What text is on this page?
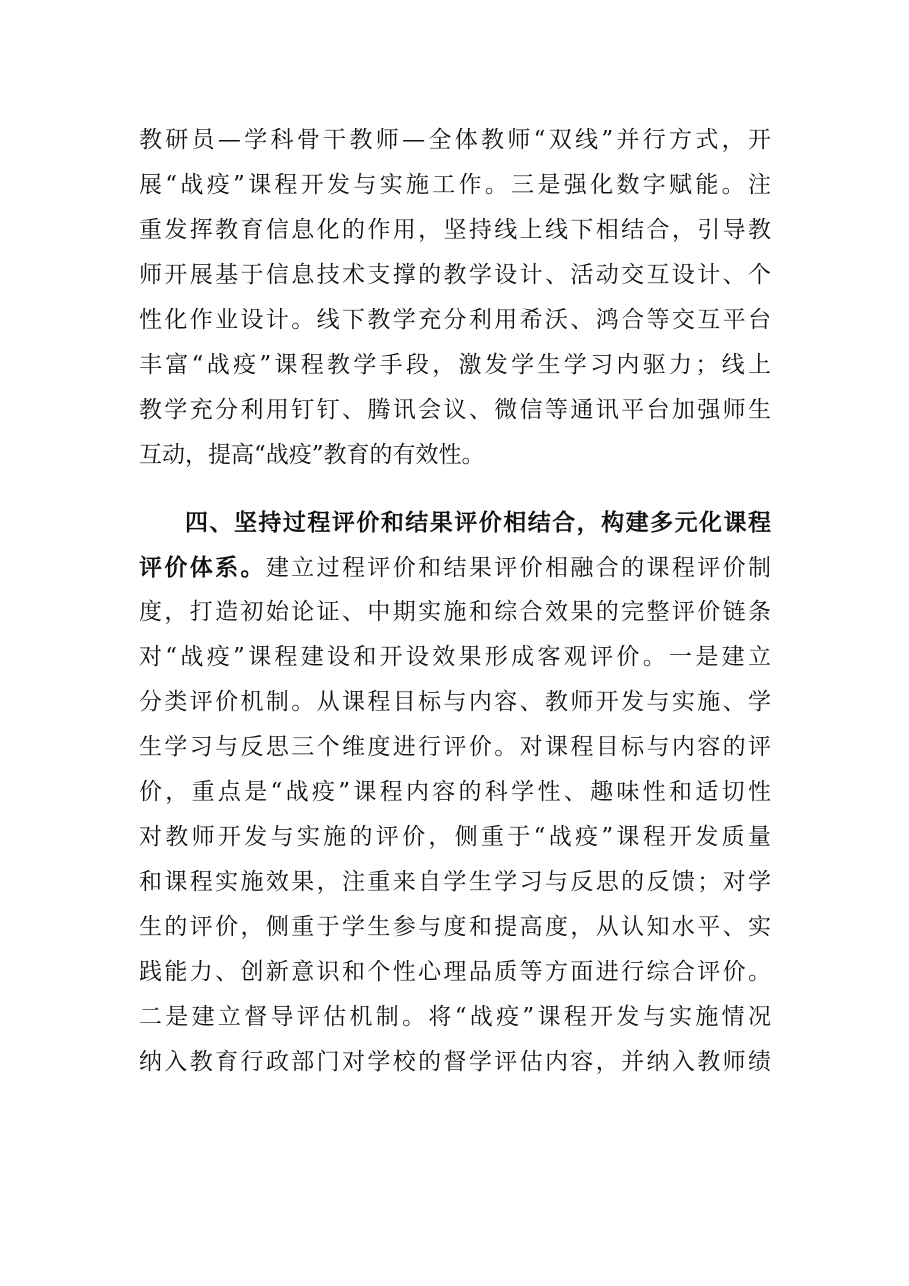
教研员—学科骨干教师—全体教师“双线”并行方式，开
展“战疫”课程开发与实施工作。三是强化数字赋能。注
重发挥教育信息化的作用，坚持线上线下相结合，引导教
师开展基于信息技术支撑的教学设计、活动交互设计、个
性化作业设计。线下教学充分利用希沃、鸿合等交互平台
丰富“战疫”课程教学手段，激发学生学习内驱力；线上
教学充分利用钉钉、腾讯会议、微信等通讯平台加强师生
互动，提高“战疫”教育的有效性。
四、坚持过程评价和结果评价相结合，构建多元化课程
评价体系。建立过程评价和结果评价相融合的课程评价制
度，打造初始论证、中期实施和综合效果的完整评价链条
对“战疫”课程建设和开设效果形成客观评价。一是建立
分类评价机制。从课程目标与内容、教师开发与实施、学
生学习与反思三个维度进行评价。对课程目标与内容的评
价，重点是“战疫”课程内容的科学性、趣味性和适切性
对教师开发与实施的评价，侧重于“战疫”课程开发质量
和课程实施效果，注重来自学生学习与反思的反馈；对学
生的评价，侧重于学生参与度和提高度，从认知水平、实
践能力、创新意识和个性心理品质等方面进行综合评价。
二是建立督导评估机制。将“战疫”课程开发与实施情况
纳入教育行政部门对学校的督学评估内容，并纳入教师绩
